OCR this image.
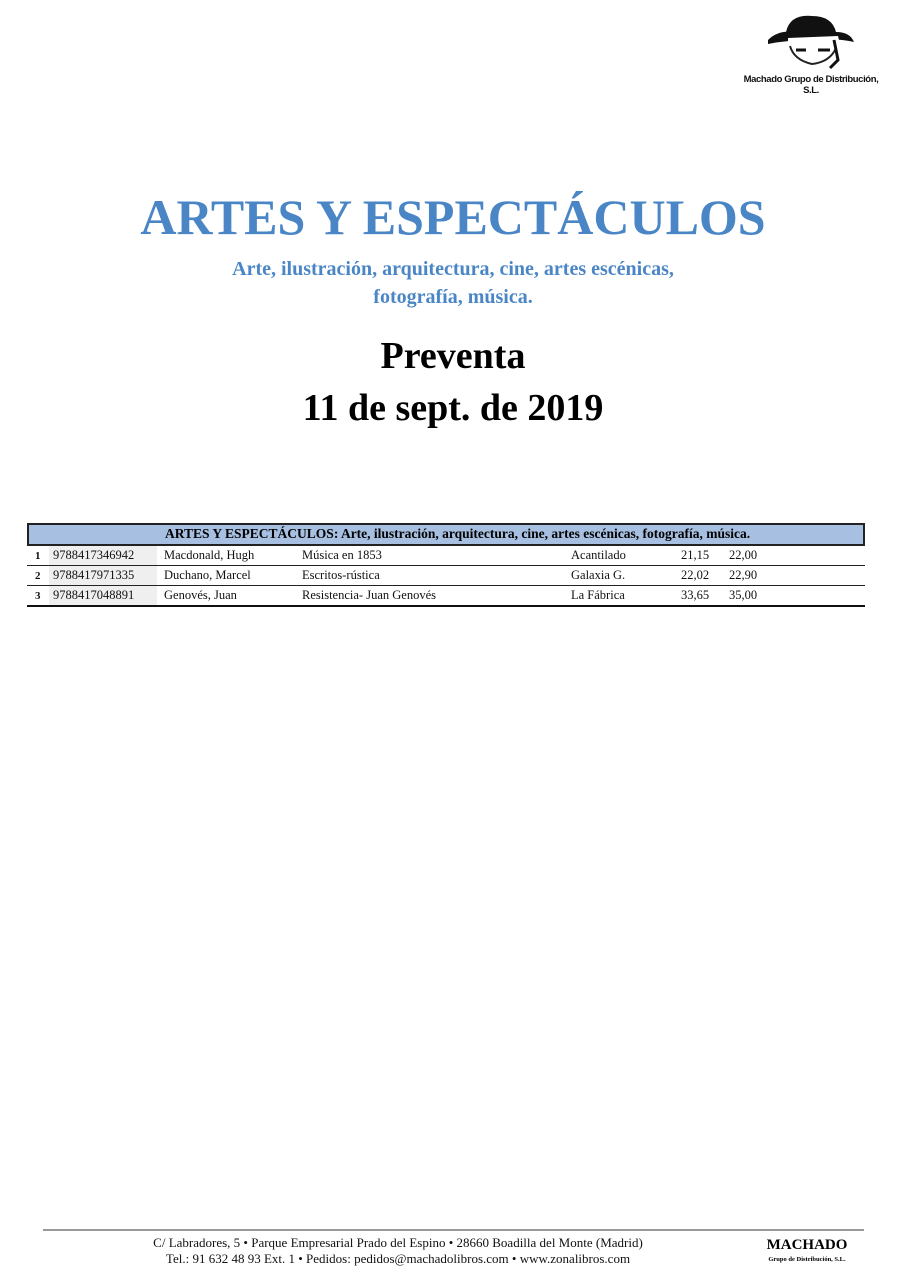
Machado Grupo de Distribución, S.L.
ARTES Y ESPECTÁCULOS
Arte, ilustración, arquitectura, cine, artes escénicas,
fotografía, música.
Preventa
11 de sept. de 2019
ARTES Y ESPECTÁCULOS: Arte, ilustración, arquitectura, cine, artes escénicas, fotografía, música.
1	9788417346942	Macdonald, Hugh	Música en 1853	Acantilado	21,15 22,00
2	9788417971335	Duchano, Marcel	Escritos-rústica	Galaxia G.	22,02 22,90
3	9788417048891	Genovés, Juan	Resistencia- Juan Genovés	La Fábrica	33,65 35,00
C/ Labradores, 5 • Parque Empresarial Prado del Espino • 28660 Boadilla del Monte (Madrid)
Tel.: 91 632 48 93 Ext. 1 • Pedidos: pedidos@machadolibros.com • www.zonalibros.com
MACHADO
Grupo de Distribución, S.L.
